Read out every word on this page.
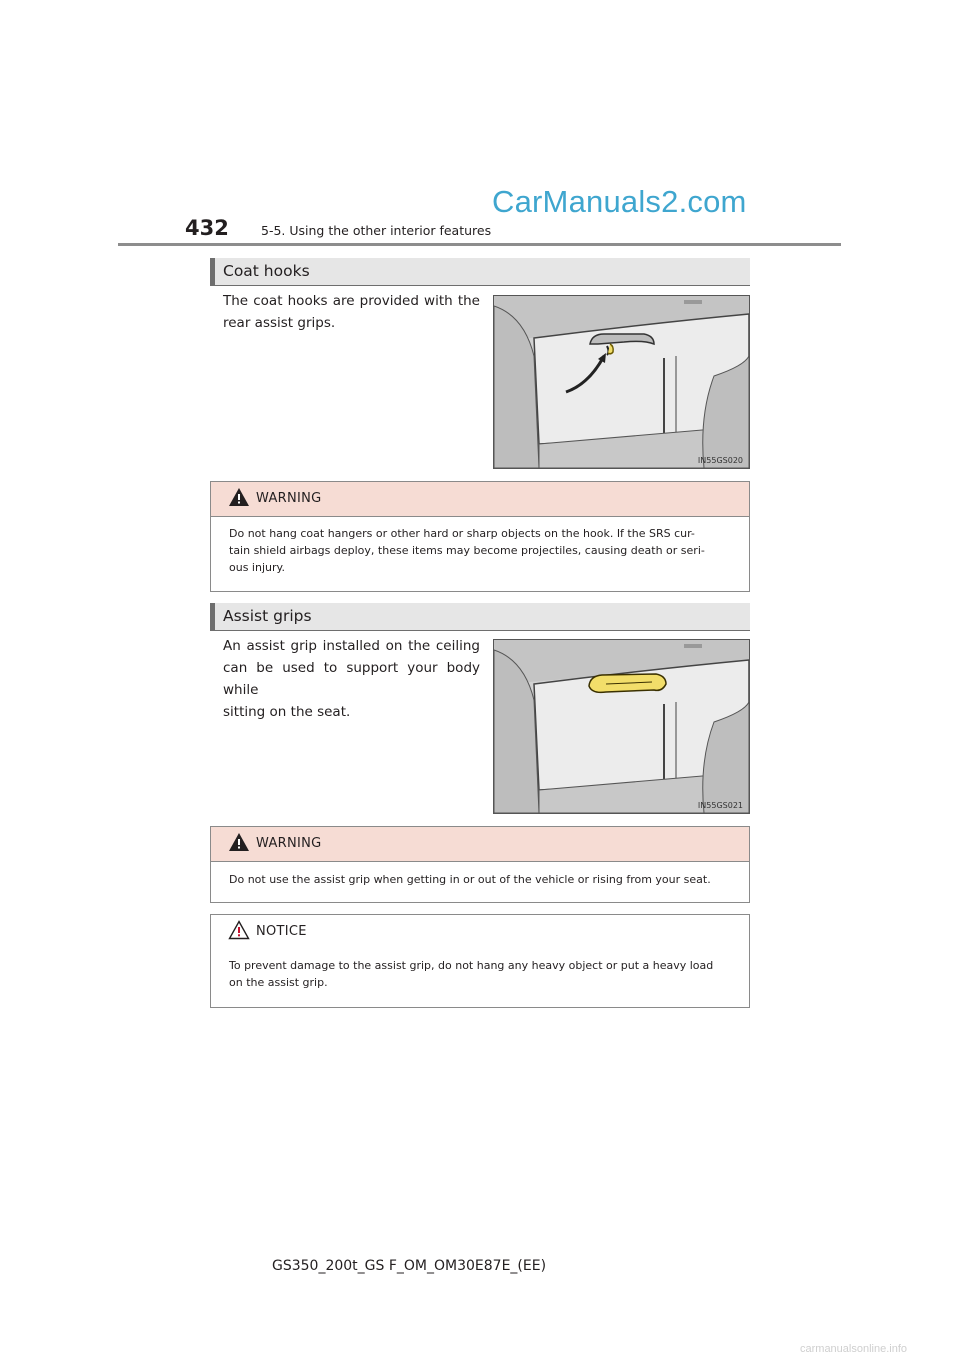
CarManuals2.com
432	5-5. Using the other interior features
Coat hooks
The coat hooks are provided with the
rear assist grips.
IN55GS020
WARNING
Do not hang coat hangers or other hard or sharp objects on the hook. If the SRS cur-
tain shield airbags deploy, these items may become projectiles, causing death or seri-
ous injury.
Assist grips
An assist grip installed on the ceiling
can be used to support your body while
sitting on the seat.
IN55GS021
WARNING
Do not use the assist grip when getting in or out of the vehicle or rising from your seat.
NOTICE
To prevent damage to the assist grip, do not hang any heavy object or put a heavy load
on the assist grip.
GS350_200t_GS F_OM_OM30E87E_(EE)
carmanualsonline.info
